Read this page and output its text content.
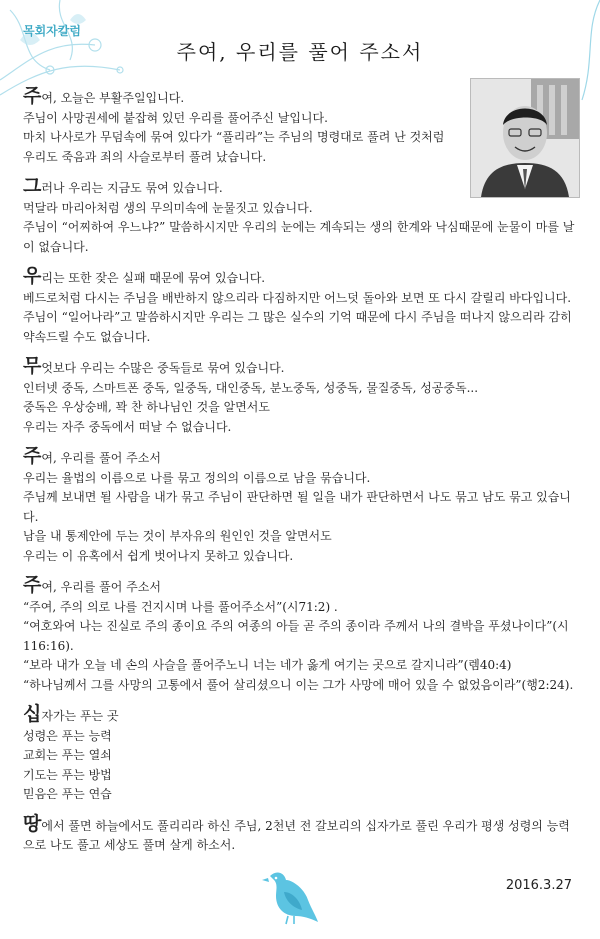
목회자칼럼
주여, 우리를 풀어 주소서
주여, 오늘은 부활주일입니다.
주님이 사망권세에 붙잡혀 있던 우리를 풀어주신 날입니다.
마치 나사로가 무덤속에 묶여 있다가 “풀리라”는 주님의 명령대로 풀려 난 것처럼
우리도 죽음과 죄의 사슬로부터 풀려 났습니다.
그러나 우리는 지금도 묶여 있습니다.
먹달라 마리아처럼 생의 무의미속에 눈물짓고 있습니다.
주님이 “어찌하여 우느냐?” 말씀하시지만 우리의 눈에는 계속되는 생의 한계와 낙심때문에 눈물이 마를 날이 없습니다.
우리는 또한 잦은 실패 때문에 묶여 있습니다.
베드로처럼 다시는 주님을 배반하지 않으리라 다짐하지만 어느덧 돌아와 보면 또 다시 갈릴리 바다입니다.
주님이 “일어나라”고 말씀하시지만 우리는 그 많은 실수의 기억 때문에 다시 주님을 떠나지 않으리라 감히 약속드릴 수도 없습니다.
무엇보다 우리는 수많은 중독들로 묶여 있습니다.
인터넷 중독, 스마트폰 중독, 일중독, 대인중독, 분노중독, 성중독, 물질중독, 성공중독...
중독은 우상숭배, 꽉 찬 하나님인 것을 알면서도
우리는 자주 중독에서 떠날 수 없습니다.
주여, 우리를 풀어 주소서
우리는 율법의 이름으로 나를 묶고 정의의 이름으로 남을 묶습니다.
주님께 보내면 될 사람을 내가 묶고 주님이 판단하면 될 일을 내가 판단하면서 나도 묶고 남도 묶고 있습니다.
남을 내 통제안에 두는 것이 부자유의 원인인 것을 알면서도
우리는 이 유혹에서 쉽게 벗어나지 못하고 있습니다.
주여, 우리를 풀어 주소서
“주여, 주의 의로 나를 건지시며 나를 풀어주소서”(시71:2) .
“여호와여 나는 진실로 주의 종이요 주의 여종의 아들 곧 주의 종이라 주께서 나의 결박을 푸셨나이다”(시116:16).
“보라 내가 오늘 네 손의 사슬을 풀어주노니 너는 네가 옳게 여기는 곳으로 갈지니라”(렘40:4)
“하나님께서 그를 사망의 고통에서 풀어 살리셨으니 이는 그가 사망에 매어 있을 수 없었음이라”(행2:24).
십자가는 푸는 곳
성령은 푸는 능력
교회는 푸는 열쇠
기도는 푸는 방법
믿음은 푸는 연습
땅에서 풀면 하늘에서도 풀리리라 하신 주님, 2천년 전 갈보리의 십자가로 풀린 우리가 평생 성령의 능력으로 나도 풀고 세상도 풀며 살게 하소서.
2016.3.27
